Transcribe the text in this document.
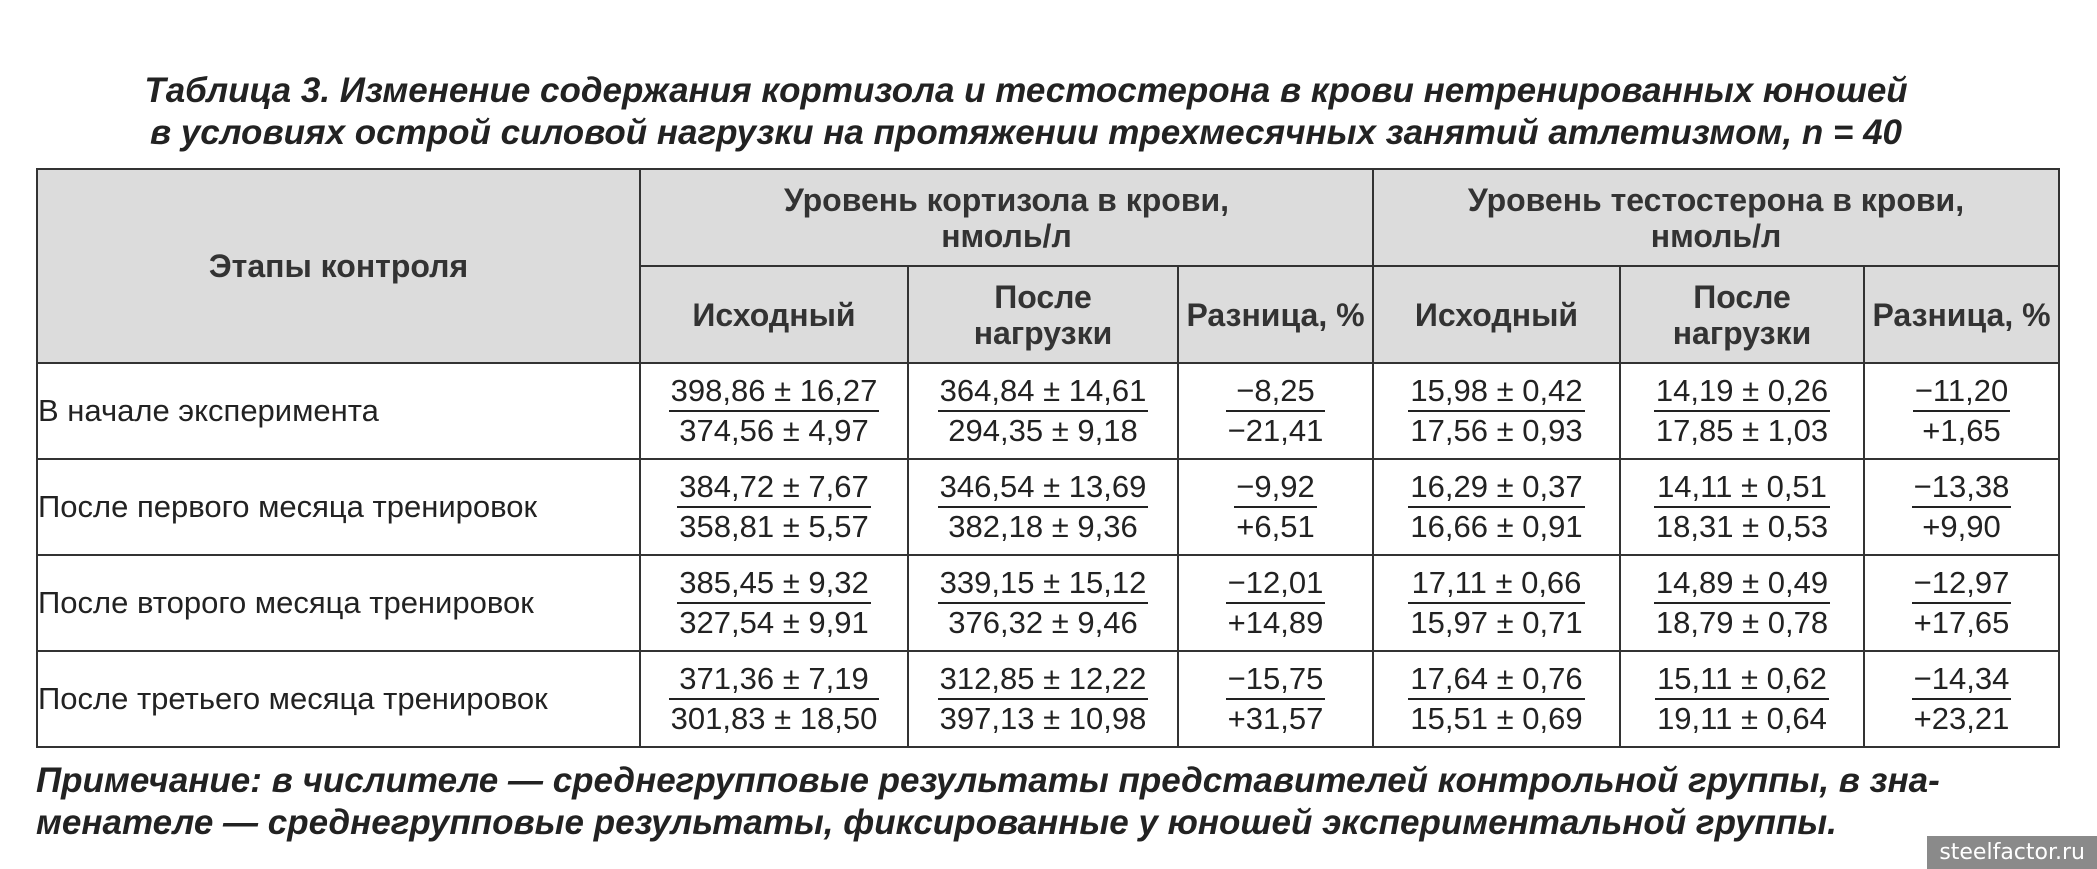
Таблица 3. Изменение содержания кортизола и тестостерона в крови нетренированных юношей
в условиях острой силовой нагрузки на протяжении трехмесячных занятий атлетизмом, n = 40
Этапы контроля	Уровень кортизола в крови, нмоль/л			Уровень тестостерона в крови, нмоль/л		
	Исходный	После нагрузки	Разница, %	Исходный	После нагрузки	Разница, %
В начале эксперимента	$\frac{398,86 \pm 16,27}{374,56 \pm 4,97}$	$\frac{364,84 \pm 14,61}{294,35 \pm 9,18}$	$\frac{-8,25}{-21,41}$	$\frac{15,98 \pm 0,42}{17,56 \pm 0,93}$	$\frac{14,19 \pm 0,26}{17,85 \pm 1,03}$	$\frac{-11,20}{+1,65}$

После первого месяца тренировок	$\frac{384,72 \pm 7,67}{358,81 \pm 5,57}$	$\frac{346,54 \pm 13,69}{382,18 \pm 9,36}$	$\frac{-9,92}{+6,51}$	$\frac{16,29 \pm 0,37}{16,66 \pm 0,91}$	$\frac{14,11 \pm 0,51}{18,31 \pm 0,53}$	$\frac{-13,38}{+9,90}$

После второго месяца тренировок	$\frac{385,45 \pm 9,32}{327,54 \pm 9,91}$	$\frac{339,15 \pm 15,12}{376,32 \pm 9,46}$	$\frac{-12,01}{+14,89}$	$\frac{17,11 \pm 0,66}{15,97 \pm 0,71}$	$\frac{14,89 \pm 0,49}{18,79 \pm 0,78}$	$\frac{-12,97}{+17,65}$

После третьего месяца тренировок	$\frac{371,36 \pm 7,19}{301,83 \pm 18,50}$	$\frac{312,85 \pm 12,22}{397,13 \pm 10,98}$	$\frac{-15,75}{+31,57}$	$\frac{17,64 \pm 0,76}{15,51 \pm 0,69}$	$\frac{15,11 \pm 0,62}{19,11 \pm 0,64}$	$\frac{-14,34}{+23,21}$
Примечание: в числителе — среднегрупповые результаты представителей контрольной группы, в зна-
менателе — среднегрупповые результаты, фиксированные у юношей экспериментальной группы.
steelfactor.ru
